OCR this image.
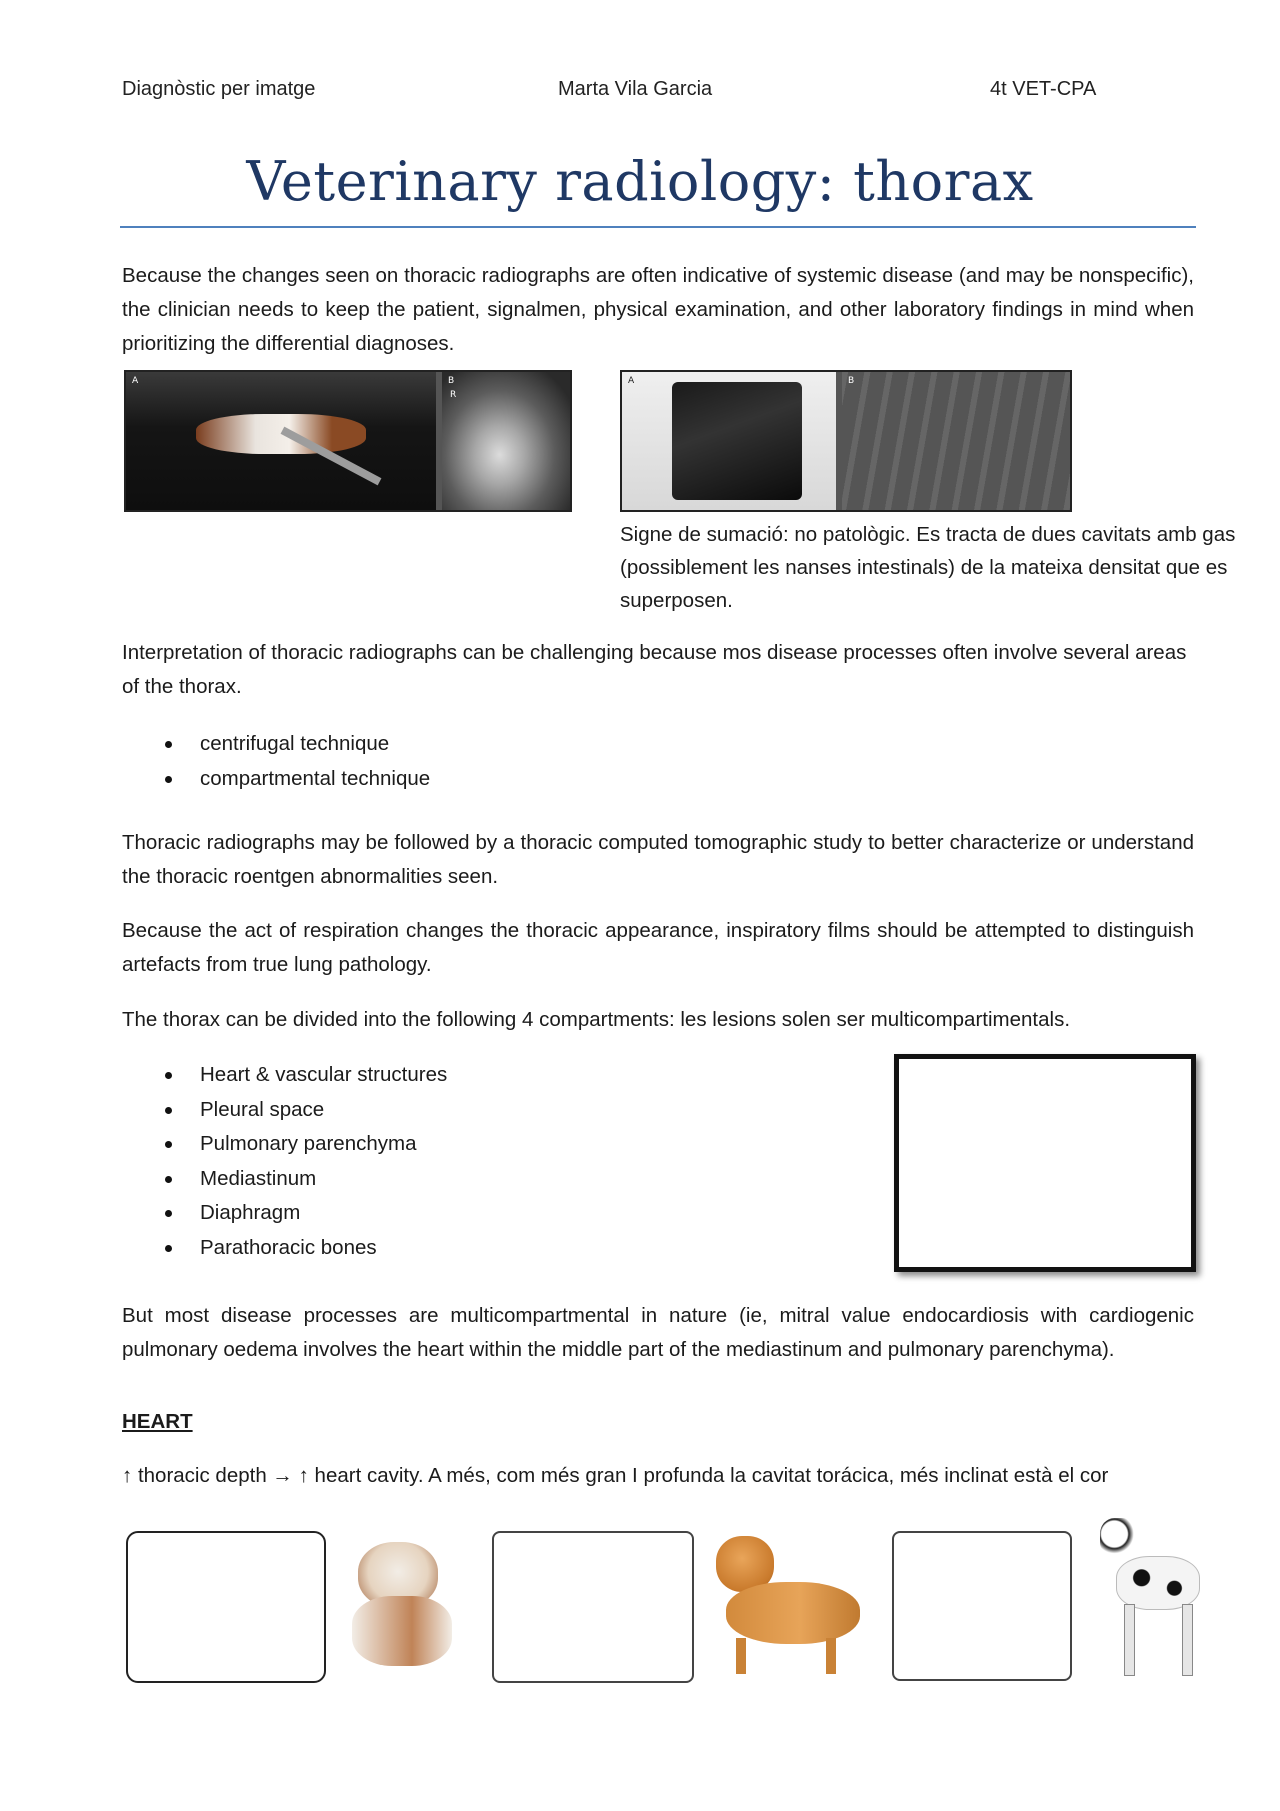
Diagnòstic per imatge	Marta Vila Garcia	4t VET-CPA
Veterinary radiology: thorax
Because the changes seen on thoracic radiographs are often indicative of systemic disease (and may be nonspecific), the clinician needs to keep the patient, signalmen, physical examination, and other laboratory findings in mind when prioritizing the differential diagnoses.
A	B
R
A	B
Signe de sumació: no patològic. Es tracta de dues cavitats amb gas (possiblement les nanses intestinals) de la mateixa densitat que es superposen.
Interpretation of thoracic radiographs can be challenging because mos disease processes often involve several areas of the thorax.
centrifugal technique
compartmental technique
Thoracic radiographs may be followed by a thoracic computed tomographic study to better characterize or understand the thoracic roentgen abnormalities seen.
Because the act of respiration changes the thoracic appearance, inspiratory films should be attempted to distinguish artefacts from true lung pathology.
The thorax can be divided into the following 4 compartments: les lesions solen ser multicompartimentals.
Heart & vascular structures
Pleural space
Pulmonary parenchyma
Mediastinum
Diaphragm
Parathoracic bones
Trachea
Lungs
PVC	Stomach
Lungs
Heart
Liver
But most disease processes are multicompartmental in nature (ie, mitral value endocardiosis with cardiogenic pulmonary oedema involves the heart within the middle part of the mediastinum and pulmonary parenchyma).
HEART
↑ thoracic depth → ↑ heart cavity. A més, com més gran I profunda la cavitat torácica, més inclinat està el cor
